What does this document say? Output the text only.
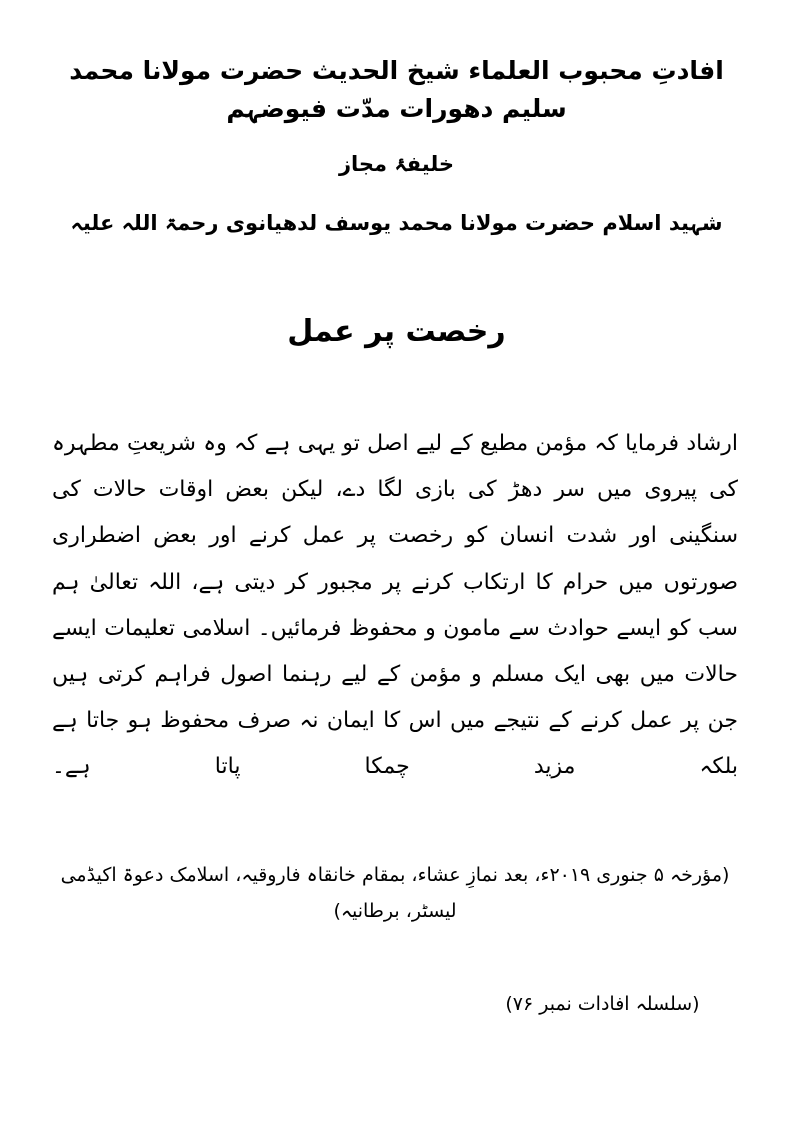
افادتِ محبوب العلماء شیخ الحدیث حضرت مولانا محمد سلیم دھورات مدّت فیوضہم
خلیفۂ مجاز
شہید اسلام حضرت مولانا محمد یوسف لدھیانوی رحمۃ اللہ علیہ
رخصت پر عمل

ارشاد فرمایا کہ مؤمن مطیع کے لیے اصل تو یہی ہے کہ وہ شریعتِ مطہرہ کی پیروی میں سر دھڑ کی بازی لگا دے، لیکن بعض اوقات حالات کی سنگینی اور شدت انسان کو رخصت پر عمل کرنے اور بعض اضطراری صورتوں میں حرام کا ارتکاب کرنے پر مجبور کر دیتی ہے، اللہ تعالیٰ ہم سب کو ایسے حوادث سے مامون و محفوظ فرمائیں۔ اسلامی تعلیمات ایسے حالات میں بھی ایک مسلم و مؤمن کے لیے رہنما اصول فراہم کرتی ہیں جن پر عمل کرنے کے نتیجے میں اس کا ایمان نہ صرف محفوظ ہو جاتا ہے بلکہ مزید چمکا پاتا ہے۔

(مؤرخہ ۵ جنوری ۲۰۱۹ء، بعد نمازِ عشاء، بمقام خانقاہ فاروقیہ، اسلامک دعوۃ اکیڈمی لیسٹر، برطانیہ)
(سلسلہ افادات نمبر ۷۶)
